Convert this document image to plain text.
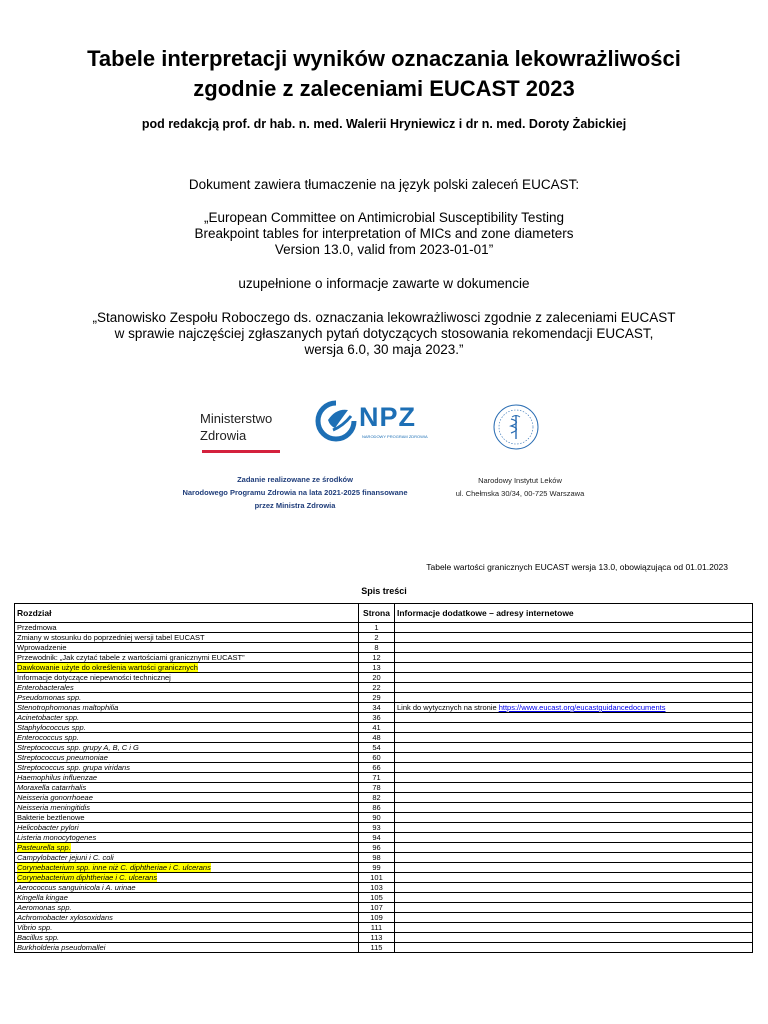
Tabele interpretacji wyników oznaczania lekowrażliwości
zgodnie z zaleceniami EUCAST 2023
pod redakcją prof. dr hab. n. med. Walerii Hryniewicz i dr n. med. Doroty Żabickiej
Dokument zawiera tłumaczenie na język polski zaleceń EUCAST:
„European Committee on Antimicrobial Susceptibility Testing
Breakpoint tables for interpretation of MICs and zone diameters
Version 13.0, valid from 2023-01-01”
uzupełnione o informacje zawarte w dokumencie
„Stanowisko Zespołu Roboczego ds. oznaczania lekowrażliwosci zgodnie z zaleceniami EUCAST
w sprawie najczęściej zgłaszanych pytań dotyczących stosowania rekomendacji EUCAST,
wersja 6.0, 30 maja 2023.”
Ministerstwo
Zdrowia
NPZ
NARODOWY PROGRAM ZDROWIA
Zadanie realizowane ze środków
Narodowego Programu Zdrowia na lata 2021-2025 finansowane
przez Ministra Zdrowia
Narodowy Instytut Leków
ul. Chełmska 30/34, 00-725 Warszawa
Tabele wartości granicznych EUCAST wersja 13.0, obowiązująca od 01.01.2023
Spis treści
Rozdział	Strona	Informacje dodatkowe – adresy internetowe
Przedmowa	1	
Zmiany w stosunku do poprzedniej wersji tabel EUCAST	2	
Wprowadzenie	8	
Przewodnik: „Jak czytać tabele z wartościami granicznymi EUCAST”	12	
Dawkowanie użyte do określenia wartości granicznych	13	
Informacje dotyczące niepewności technicznej	20	
Enterobacterales	22	
Pseudomonas spp.	29	
Stenotrophomonas maltophilia	34	Link do wytycznych na stronie https://www.eucast.org/eucastguidancedocuments
Acinetobacter spp.	36	
Staphylococcus spp.	41	
Enterococcus spp.	48	
Streptococcus spp. grupy A, B, C i G	54	
Streptococcus pneumoniae	60	
Streptococcus spp. grupa viridans	66	
Haemophilus influenzae	71	
Moraxella catarrhalis	78	
Neisseria gonorrhoeae	82	
Neisseria meningitidis	86	
Bakterie beztlenowe	90	
Helicobacter pylori	93	
Listeria monocytogenes	94	
Pasteurella spp.	96	
Campylobacter jejuni i C. coli	98	
Corynebacterium spp. inne niż C. diphtheriae i C. ulcerans	99	
Corynebacterium diphtheriae i C. ulcerans	101	
Aerococcus sanguinicola i A. urinae	103	
Kingella kingae	105	
Aeromonas spp.	107	
Achromobacter xylosoxidans	109	
Vibrio spp.	111	
Bacillus spp.	113	
Burkholderia pseudomallei	115	
